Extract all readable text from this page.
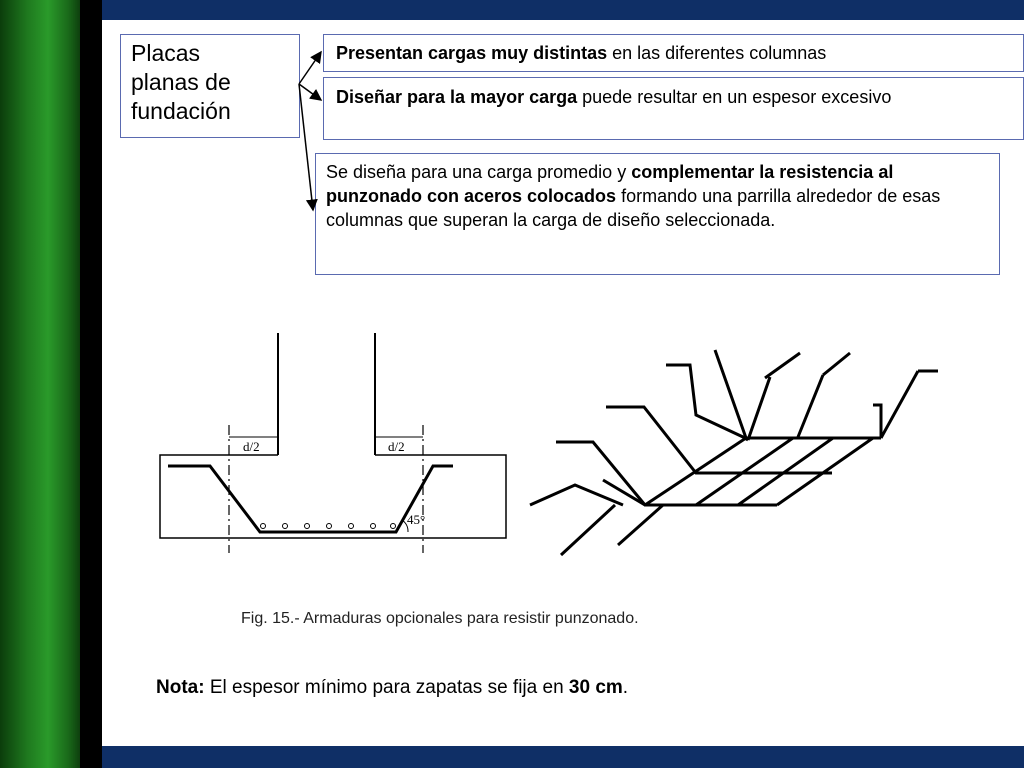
Placas
planas de
fundación
Presentan cargas muy distintas en las diferentes columnas
Diseñar para la mayor carga puede resultar en un espesor excesivo
Se diseña para una carga promedio y complementar la resistencia al punzonado con aceros colocados formando una parrilla alrededor de esas columnas que superan la carga de diseño seleccionada.
d/2	d/2
45°
Fig. 15.- Armaduras opcionales para resistir punzonado.
Nota: El espesor mínimo para zapatas se fija en 30 cm.
